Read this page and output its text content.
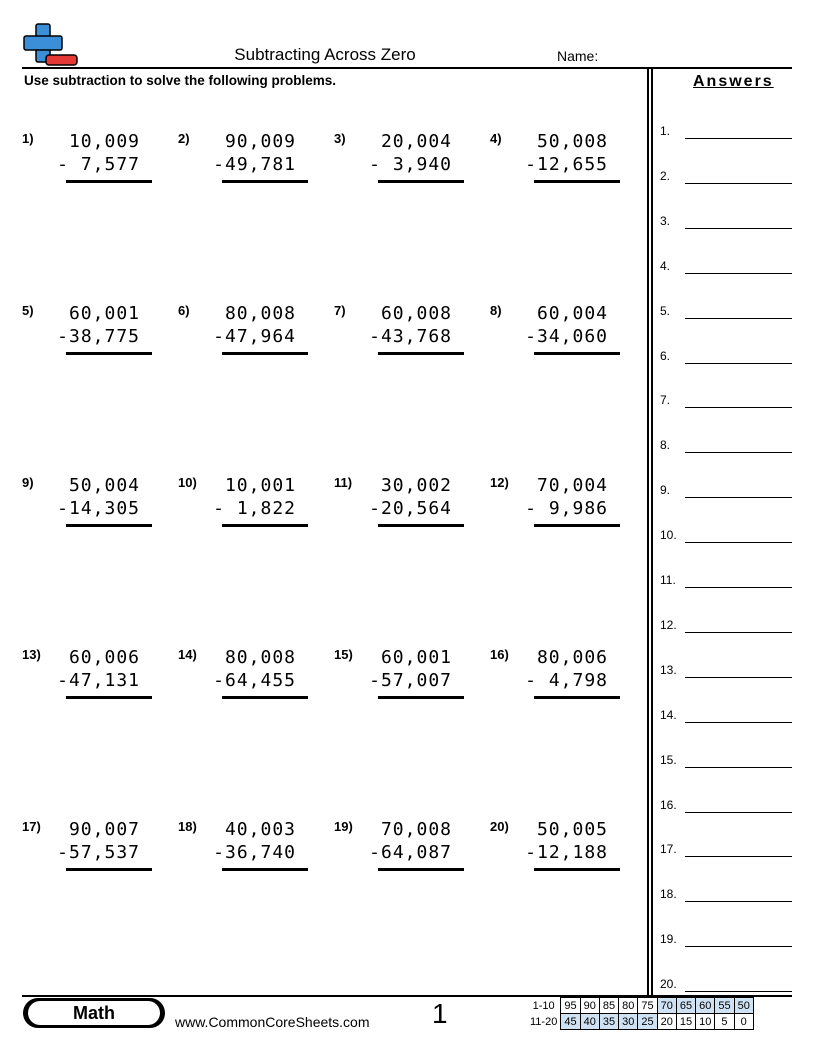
Subtracting Across Zero	Name:
Use subtraction to solve the following problems.
1) 10,009
- 7,577
2) 90,009
-49,781
3) 20,004
- 3,940
4) 50,008
-12,655
5) 60,001
-38,775
6) 80,008
-47,964
7) 60,008
-43,768
8) 60,004
-34,060
9) 50,004
-14,305
10) 10,001
- 1,822
11) 30,002
-20,564
12) 70,004
- 9,986
13) 60,006
-47,131
14) 80,008
-64,455
15) 60,001
-57,007
16) 80,006
- 4,798
17) 90,007
-57,537
18) 40,003
-36,740
19) 70,008
-64,087
20) 50,005
-12,188
Answers
1.
2.
3.
4.
5.
6.
7.
8.
9.
10.
11.
12.
13.
14.
15.
16.
17.
18.
19.
20.
Math	www.CommonCoreSheets.com 1	1-10	95	90	85	80	75	70	65	60	55	50
11-20	45	40	35	30	25	20	15	10	5	0
